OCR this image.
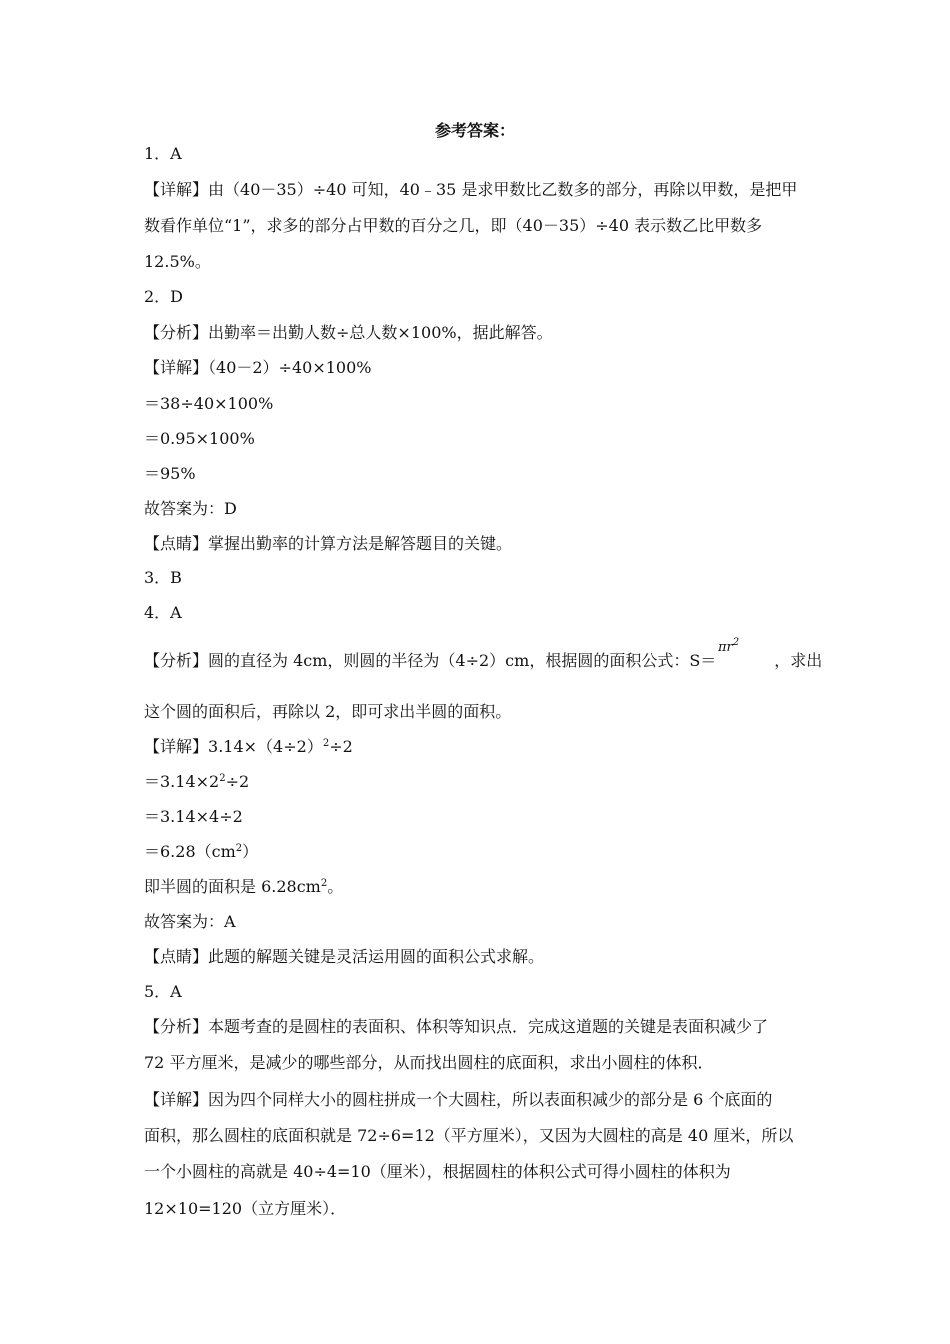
参考答案：
1．A
【详解】由（40－35）÷40 可知，40﹣35 是求甲数比乙数多的部分，再除以甲数，是把甲
数看作单位“1”，求多的部分占甲数的百分之几，即（40－35）÷40 表示数乙比甲数多
12.5%。
2．D
【分析】出勤率＝出勤人数÷总人数×100%，据此解答。
【详解】（40－2）÷40×100%
＝38÷40×100%
＝0.95×100%
＝95%
故答案为：D
【点睛】掌握出勤率的计算方法是解答题目的关键。
3．B
4．A
【分析】圆的直径为 4cm，则圆的半径为（4÷2）cm，根据圆的面积公式：S＝	，求出
$\pi r^2$
这个圆的面积后，再除以 2，即可求出半圆的面积。
【详解】$3.14\times(4\div 2)^2\div 2$
$=3.14\times 2^2\div 2$
＝3.14×4÷2
$=6.28(cm^2)$
即半圆的面积是 $6.28cm^2$。
故答案为：A
【点睛】此题的解题关键是灵活运用圆的面积公式求解。
5．A
【分析】本题考查的是圆柱的表面积、体积等知识点．完成这道题的关键是表面积减少了
72 平方厘米，是减少的哪些部分，从而找出圆柱的底面积，求出小圆柱的体积．
【详解】因为四个同样大小的圆柱拼成一个大圆柱，所以表面积减少的部分是 6 个底面的
面积，那么圆柱的底面积就是 72÷6=12（平方厘米），又因为大圆柱的高是 40 厘米，所以
一个小圆柱的高就是 40÷4=10（厘米），根据圆柱的体积公式可得小圆柱的体积为
12×10=120（立方厘米）．
